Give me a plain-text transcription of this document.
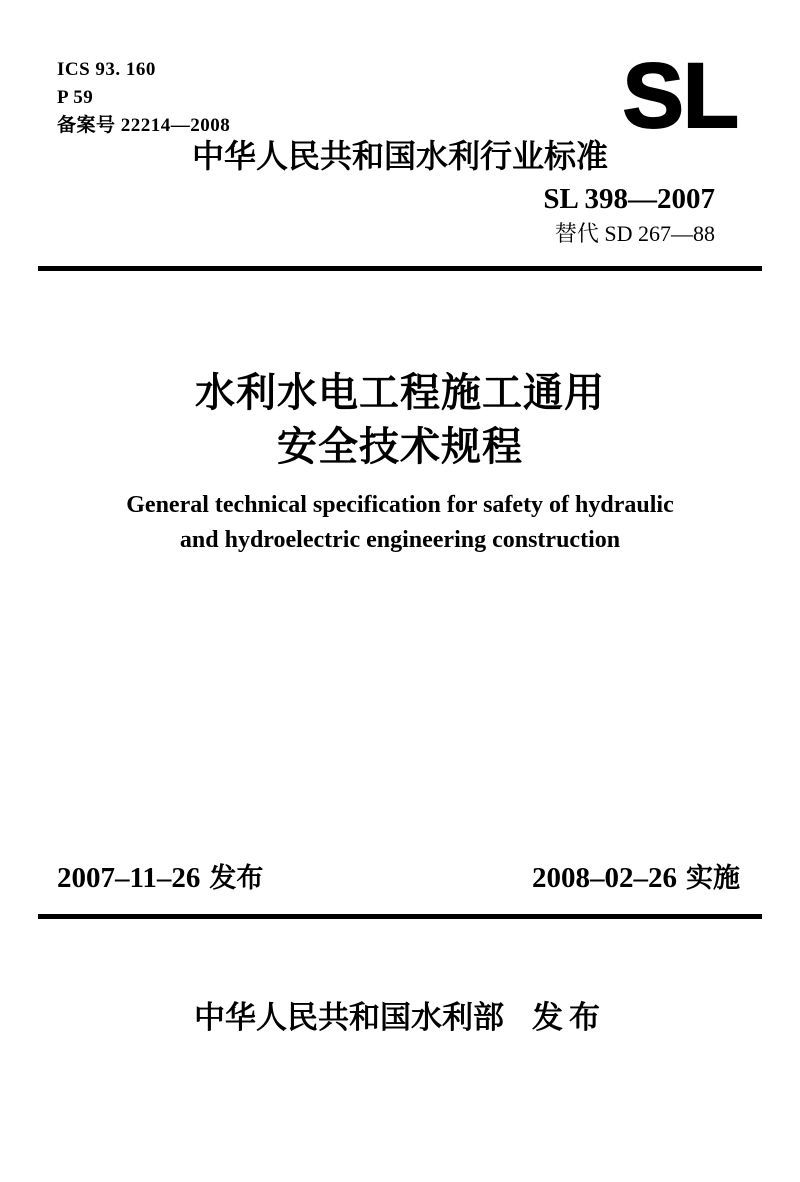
ICS 93. 160
P 59
备案号 22214—2008	SL
中华人民共和国水利行业标准
SL 398—2007
替代 SD 267—88
水利水电工程施工通用
安全技术规程
General technical specification for safety of hydraulic
and hydroelectric engineering construction
2007–11–26 发布	2008–02–26 实施
中华人民共和国水利部 发布
